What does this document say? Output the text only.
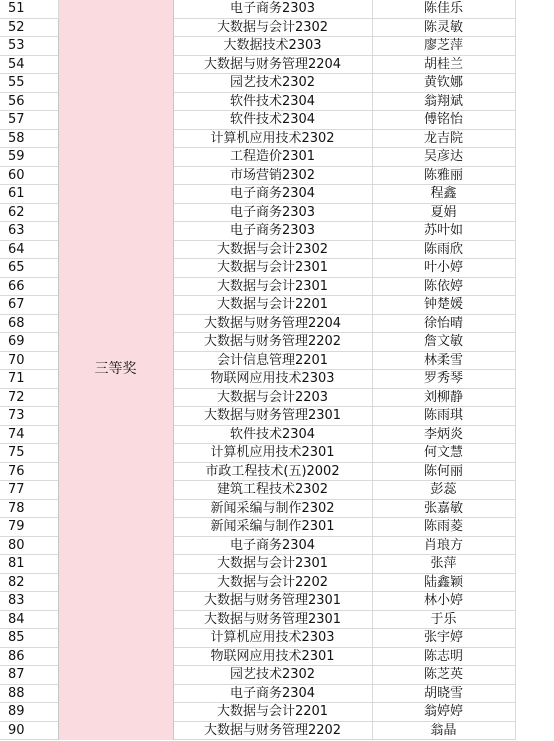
51	三等奖	电子商务2303	陈佳乐	
52		大数据与会计2302	陈灵敏	
53		大数据技术2303	廖芝萍	
54		大数据与财务管理2204	胡桂兰	
55		园艺技术2302	黄钦娜	
56		软件技术2304	翁翔斌	
57		软件技术2304	傅铭怡	
58		计算机应用技术2302	龙吉院	
59		工程造价2301	吴彦达	
60		市场营销2302	陈雅丽	
61		电子商务2304	程鑫	
62		电子商务2303	夏娟	
63		电子商务2303	苏叶如	
64		大数据与会计2302	陈雨欣	
65		大数据与会计2301	叶小婷	
66		大数据与会计2301	陈依婷	
67		大数据与会计2201	钟楚媛	
68		大数据与财务管理2204	徐怡晴	
69		大数据与财务管理2202	詹文敏	
70		会计信息管理2201	林柔雪	
71		物联网应用技术2303	罗秀琴	
72		大数据与会计2203	刘柳静	
73		大数据与财务管理2301	陈雨琪	
74		软件技术2304	李炳炎	
75		计算机应用技术2301	何文慧	
76		市政工程技术(五)2002	陈何丽	
77		建筑工程技术2302	彭蕊	
78		新闻采编与制作2302	张嘉敏	
79		新闻采编与制作2301	陈雨菱	
80		电子商务2304	肖琅方	
81		大数据与会计2301	张萍	
82		大数据与会计2202	陆鑫颖	
83		大数据与财务管理2301	林小婷	
84		大数据与财务管理2301	于乐	
85		计算机应用技术2303	张宇婷	
86		物联网应用技术2301	陈志明	
87		园艺技术2302	陈芝英	
88		电子商务2304	胡晓雪	
89		大数据与会计2201	翁婷婷	
90		大数据与财务管理2202	翁晶	
